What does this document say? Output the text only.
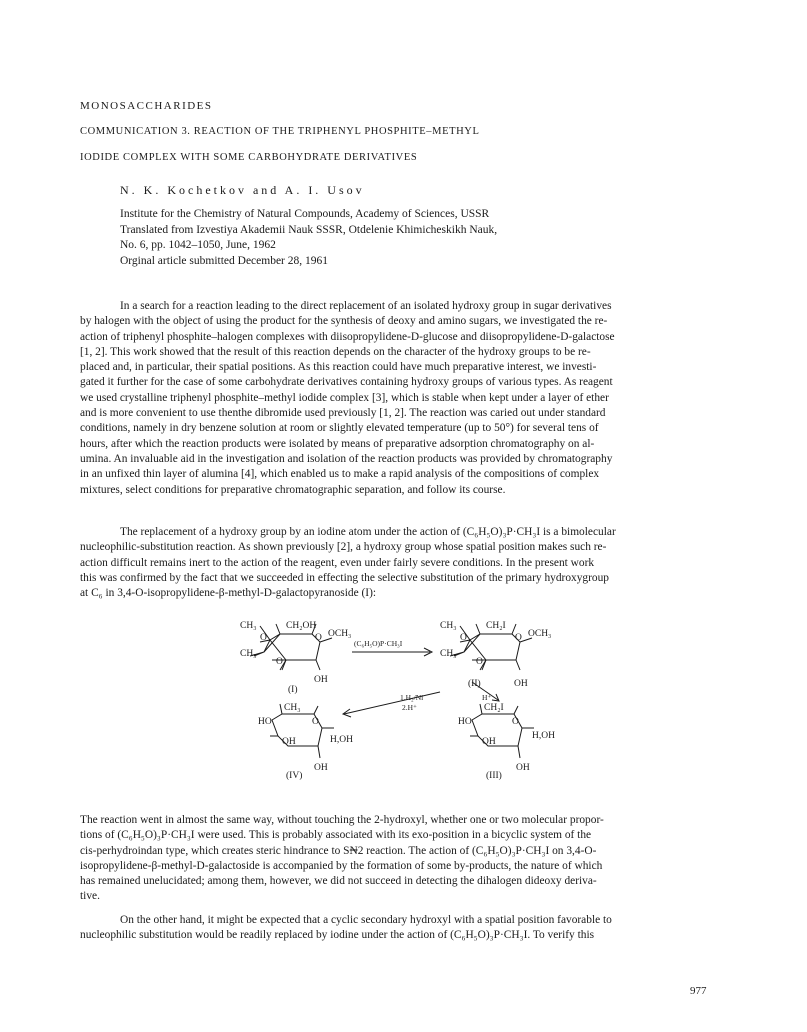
MONOSACCHARIDES
COMMUNICATION 3. REACTION OF THE TRIPHENYL PHOSPHITE–METHYL
IODIDE COMPLEX WITH SOME CARBOHYDRATE DERIVATIVES
N. K. Kochetkov and A. I. Usov
Institute for the Chemistry of Natural Compounds, Academy of Sciences, USSR
Translated from Izvestiya Akademii Nauk SSSR, Otdelenie Khimicheskikh Nauk,
No. 6, pp. 1042–1050, June, 1962
Orginal article submitted December 28, 1961
In a search for a reaction leading to the direct replacement of an isolated hydroxy group in sugar derivatives
by halogen with the object of using the product for the synthesis of deoxy and amino sugars, we investigated the re-
action of triphenyl phosphite–halogen complexes with diisopropylidene-D-glucose and diisopropylidene-D-galactose
[1, 2]. This work showed that the result of this reaction depends on the character of the hydroxy groups to be re-
placed and, in particular, their spatial positions. As this reaction could have much preparative interest, we investi-
gated it further for the case of some carbohydrate derivatives containing hydroxy groups of various types. As reagent
we used crystalline triphenyl phosphite–methyl iodide complex [3], which is stable when kept under a layer of ether
and is more convenient to use thenthe dibromide used previously [1, 2]. The reaction was caried out under standard
conditions, namely in dry benzene solution at room or slightly elevated temperature (up to 50°) for several tens of
hours, after which the reaction products were isolated by means of preparative adsorption chromatography on al-
umina. An invaluable aid in the investigation and isolation of the reaction products was provided by chromatography
in an unfixed thin layer of alumina [4], which enabled us to make a rapid analysis of the compositions of complex
mixtures, select conditions for preparative chromatographic separation, and follow its course.
The replacement of a hydroxy group by an iodine atom under the action of (C₆H₅O)₃P·CH₃I is a bimolecular
nucleophilic-substitution reaction. As shown previously [2], a hydroxy group whose spatial position makes such re-
action difficult remains inert to the action of the reagent, even under fairly severe conditions. In the present work
this was confirmed by the fact that we succeeded in effecting the selective substitution of the primary hydroxygroup
at C₆ in 3,4-O-isopropylidene-β-methyl-D-galactopyranoside (I):
CH₃	CH₂OH
O	O OCH₃
CH₃
O
OH
(I)
(C₆H₅O)P·CH₃I
CH₃	CH₂I
O	O OCH₃
CH₃
O
OH
(II)
H⁺
1.H₂/Ni
2.H⁺
CH₃
HO	O
OH	H,OH
OH
(IV)
CH₂I
HO	O
OH
H,OH
OH
(III)
The reaction went in almost the same way, without touching the 2-hydroxyl, whether one or two molecular propor-
tions of (C₆H₅O)₃P·CH₃I were used. This is probably associated with its exo-position in a bicyclic system of the
cis-perhydroindan type, which creates steric hindrance to S₦2 reaction. The action of (C₆H₅O)₃P·CH₃I on 3,4-O-
isopropylidene-β-methyl-D-galactoside is accompanied by the formation of some by-products, the nature of which
has remained unelucidated; among them, however, we did not succeed in detecting the dihalogen dideoxy deriva-
tive.
On the other hand, it might be expected that a cyclic secondary hydroxyl with a spatial position favorable to
nucleophilic substitution would be readily replaced by iodine under the action of (C₆H₅O)₃P·CH₃I. To verify this
977
